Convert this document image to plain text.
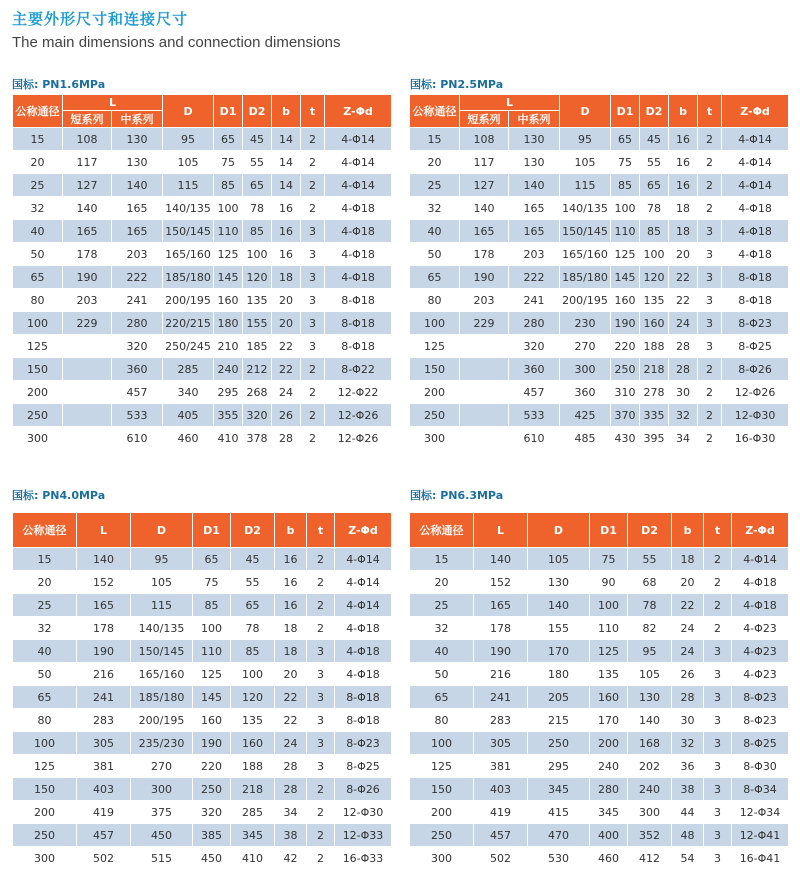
主要外形尺寸和连接尺寸
The main dimensions and connection dimensions
国标: PN1.6MPa
公称通径	L		D	D1	D2	b	t	Z-Φd
	短系列	中系列						
15	108	130	95	65	45	14	2	4-Φ14
20	117	130	105	75	55	14	2	4-Φ14
25	127	140	115	85	65	14	2	4-Φ14
32	140	165	140/135	100	78	16	2	4-Φ18
40	165	165	150/145	110	85	16	3	4-Φ18
50	178	203	165/160	125	100	16	3	4-Φ18
65	190	222	185/180	145	120	18	3	4-Φ18
80	203	241	200/195	160	135	20	3	8-Φ18
100	229	280	220/215	180	155	20	3	8-Φ18
125		320	250/245	210	185	22	3	8-Φ18
150		360	285	240	212	22	2	8-Φ22
200		457	340	295	268	24	2	12-Φ22
250		533	405	355	320	26	2	12-Φ26
300		610	460	410	378	28	2	12-Φ26
国标: PN2.5MPa
公称通径	L		D	D1	D2	b	t	Z-Φd
	短系列	中系列						
15	108	130	95	65	45	16	2	4-Φ14
20	117	130	105	75	55	16	2	4-Φ14
25	127	140	115	85	65	16	2	4-Φ14
32	140	165	140/135	100	78	18	2	4-Φ18
40	165	165	150/145	110	85	18	3	4-Φ18
50	178	203	165/160	125	100	20	3	4-Φ18
65	190	222	185/180	145	120	22	3	8-Φ18
80	203	241	200/195	160	135	22	3	8-Φ18
100	229	280	230	190	160	24	3	8-Φ23
125		320	270	220	188	28	3	8-Φ25
150		360	300	250	218	28	2	8-Φ26
200		457	360	310	278	30	2	12-Φ26
250		533	425	370	335	32	2	12-Φ30
300		610	485	430	395	34	2	16-Φ30
国标: PN4.0MPa
公称通径	L	D	D1	D2	b	t	Z-Φd
15	140	95	65	45	16	2	4-Φ14
20	152	105	75	55	16	2	4-Φ14
25	165	115	85	65	16	2	4-Φ14
32	178	140/135	100	78	18	2	4-Φ18
40	190	150/145	110	85	18	3	4-Φ18
50	216	165/160	125	100	20	3	4-Φ18
65	241	185/180	145	120	22	3	8-Φ18
80	283	200/195	160	135	22	3	8-Φ18
100	305	235/230	190	160	24	3	8-Φ23
125	381	270	220	188	28	3	8-Φ25
150	403	300	250	218	28	2	8-Φ26
200	419	375	320	285	34	2	12-Φ30
250	457	450	385	345	38	2	12-Φ33
300	502	515	450	410	42	2	16-Φ33
国标: PN6.3MPa
公称通径	L	D	D1	D2	b	t	Z-Φd
15	140	105	75	55	18	2	4-Φ14
20	152	130	90	68	20	2	4-Φ18
25	165	140	100	78	22	2	4-Φ18
32	178	155	110	82	24	2	4-Φ23
40	190	170	125	95	24	3	4-Φ23
50	216	180	135	105	26	3	4-Φ23
65	241	205	160	130	28	3	8-Φ23
80	283	215	170	140	30	3	8-Φ23
100	305	250	200	168	32	3	8-Φ25
125	381	295	240	202	36	3	8-Φ30
150	403	345	280	240	38	3	8-Φ34
200	419	415	345	300	44	3	12-Φ34
250	457	470	400	352	48	3	12-Φ41
300	502	530	460	412	54	3	16-Φ41
